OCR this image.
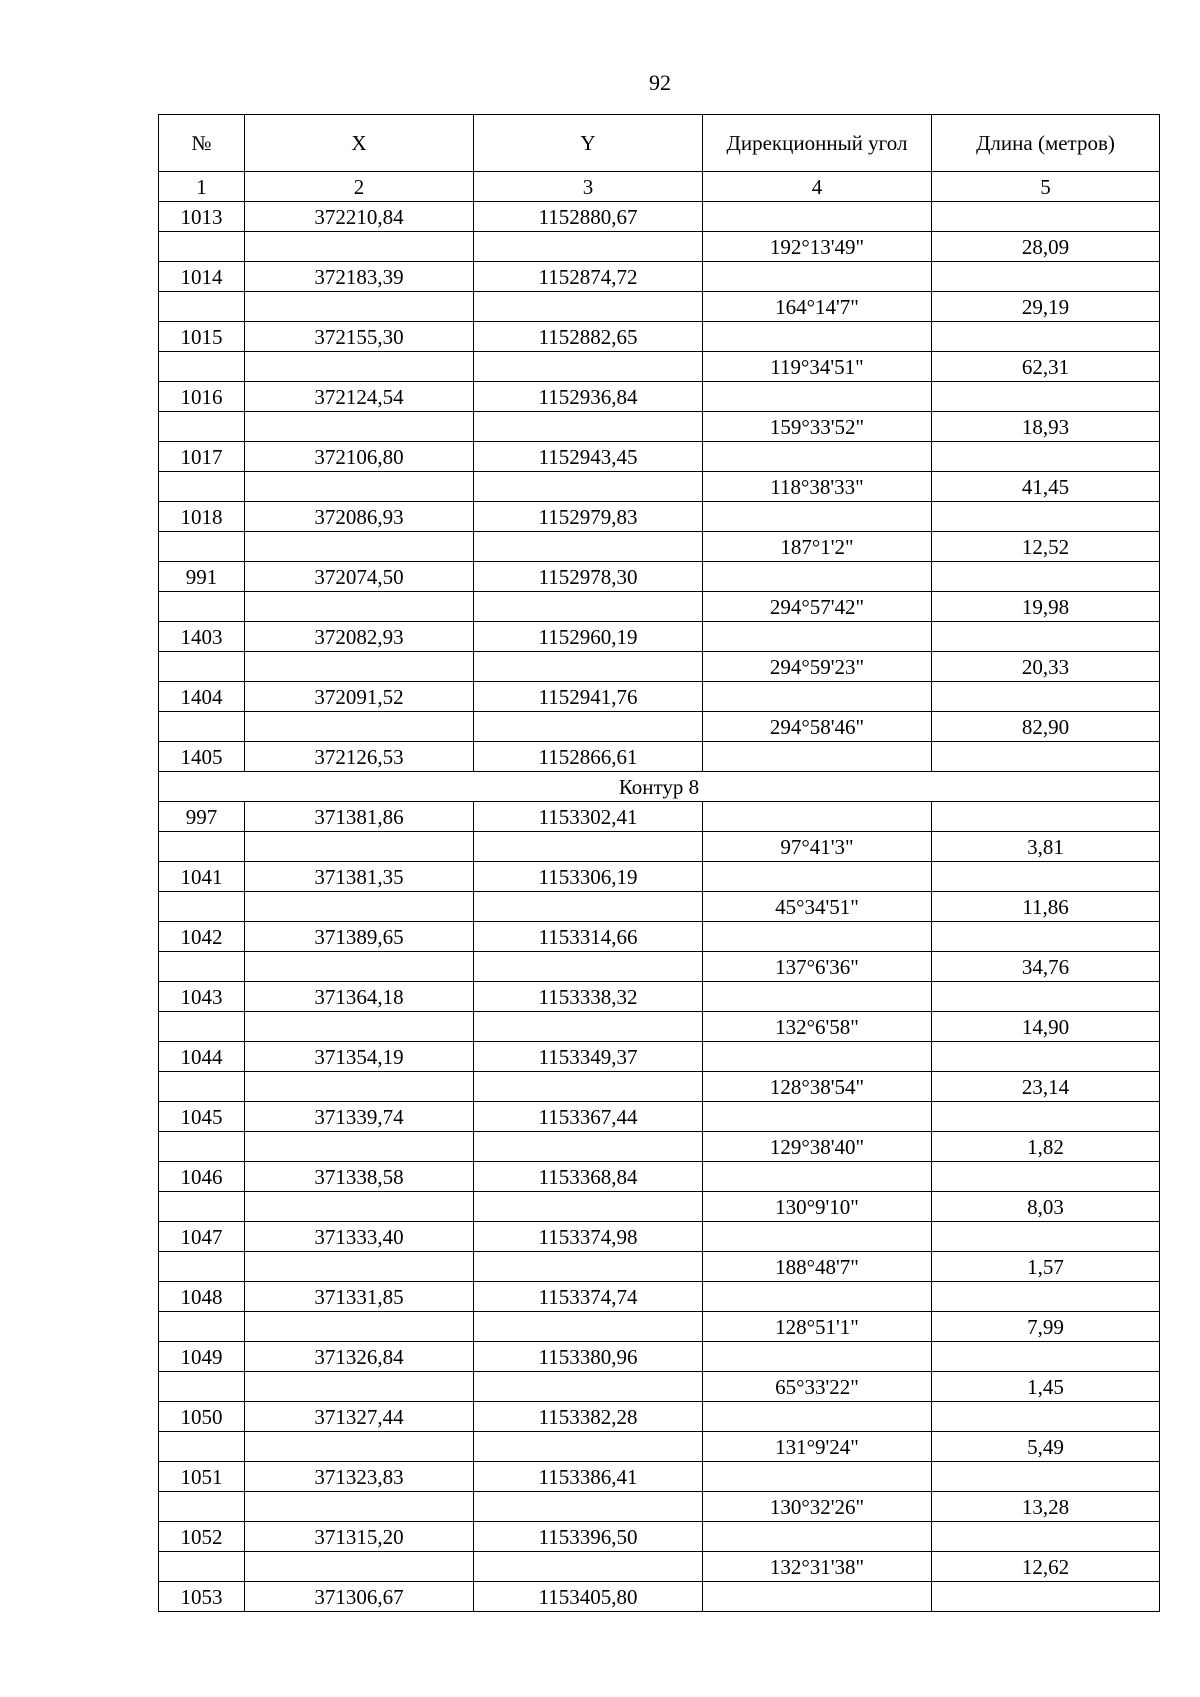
92
№	X	Y	Дирекционный угол	Длина (метров)
1	2	3	4	5
1013	372210,84	1152880,67		
			192°13'49"	28,09
1014	372183,39	1152874,72		
			164°14'7"	29,19
1015	372155,30	1152882,65		
			119°34'51"	62,31
1016	372124,54	1152936,84		
			159°33'52"	18,93
1017	372106,80	1152943,45		
			118°38'33"	41,45
1018	372086,93	1152979,83		
			187°1'2"	12,52
991	372074,50	1152978,30		
			294°57'42"	19,98
1403	372082,93	1152960,19		
			294°59'23"	20,33
1404	372091,52	1152941,76		
			294°58'46"	82,90
1405	372126,53	1152866,61		
Контур 8				
997	371381,86	1153302,41		
			97°41'3"	3,81
1041	371381,35	1153306,19		
			45°34'51"	11,86
1042	371389,65	1153314,66		
			137°6'36"	34,76
1043	371364,18	1153338,32		
			132°6'58"	14,90
1044	371354,19	1153349,37		
			128°38'54"	23,14
1045	371339,74	1153367,44		
			129°38'40"	1,82
1046	371338,58	1153368,84		
			130°9'10"	8,03
1047	371333,40	1153374,98		
			188°48'7"	1,57
1048	371331,85	1153374,74		
			128°51'1"	7,99
1049	371326,84	1153380,96		
			65°33'22"	1,45
1050	371327,44	1153382,28		
			131°9'24"	5,49
1051	371323,83	1153386,41		
			130°32'26"	13,28
1052	371315,20	1153396,50		
			132°31'38"	12,62
1053	371306,67	1153405,80		
